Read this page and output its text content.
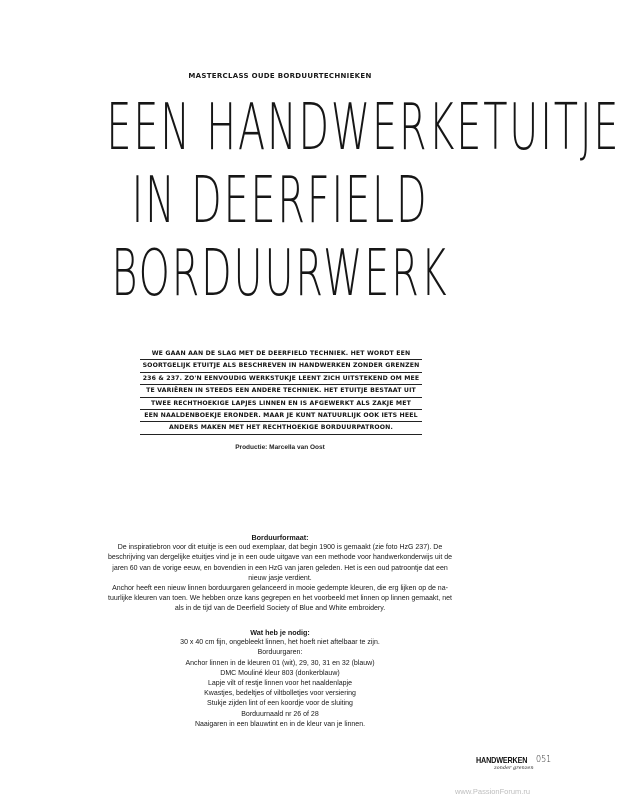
MASTERCLASS OUDE BORDUURTECHNIEKEN
EEN HANDWERKETUITJE
IN DEERFIELD
BORDUURWERK
WE GAAN AAN DE SLAG MET DE DEERFIELD TECHNIEK. HET WORDT EEN
SOORTGELIJK ETUITJE ALS BESCHREVEN IN HANDWERKEN ZONDER GRENZEN
236 & 237. ZO'N EENVOUDIG WERKSTUKJE LEENT ZICH UITSTEKEND OM MEE
TE VARIËREN IN STEEDS EEN ANDERE TECHNIEK. HET ETUITJE BESTAAT UIT
TWEE RECHTHOEKIGE LAPJES LINNEN EN IS AFGEWERKT ALS ZAKJE MET
EEN NAALDENBOEKJE ERONDER. MAAR JE KUNT NATUURLIJK OOK IETS HEEL
ANDERS MAKEN MET HET RECHTHOEKIGE BORDUURPATROON.
Productie: Marcella van Oost
Borduurformaat:
De inspiratiebron voor dit etuitje is een oud exemplaar, dat begin 1900 is gemaakt (zie foto HzG 237). De
beschrijving van dergelijke etuitjes vind je in een oude uitgave van een methode voor handwerkonderwijs uit de
jaren 60 van de vorige eeuw, en bovendien in een HzG van jaren geleden. Het is een oud patroontje dat een
nieuw jasje verdient.
Anchor heeft een nieuw linnen borduurgaren gelanceerd in mooie gedempte kleuren, die erg lijken op de na-
tuurlijke kleuren van toen. We hebben onze kans gegrepen en het voorbeeld met linnen op linnen gemaakt, net
als in de tijd van de Deerfield Society of Blue and White embroidery.
Wat heb je nodig:
30 x 40 cm fijn, ongebleekt linnen, het hoeft niet aftelbaar te zijn.
Borduurgaren:
Anchor linnen in de kleuren 01 (wit), 29, 30, 31 en 32 (blauw)
DMC Mouliné kleur 803 (donkerblauw)
Lapje vilt of restje linnen voor het naaldenlapje
Kwastjes, bedeltjes of viltbolletjes voor versiering
Stukje zijden lint of een koordje voor de sluiting
Borduurnaald nr 26 of 28
Naaigaren in een blauwtint en in de kleur van je linnen.
HANDWERKEN
zonder grenzen
051
www.PassionForum.ru
